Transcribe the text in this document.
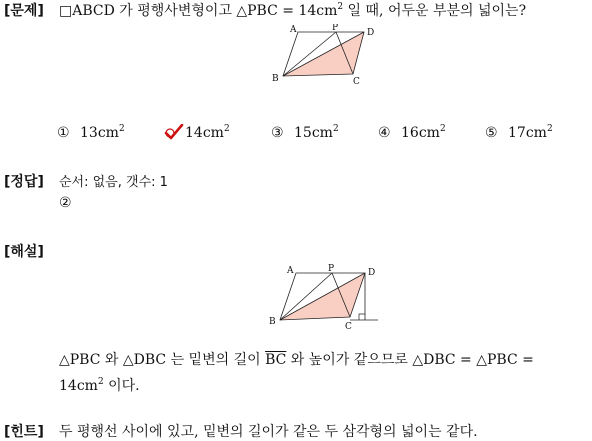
[문제] □ABCD 가 평행사변형이고 △PBC = $14cm^2$ 일 때, 어두운 부분의 넓이는?
A	P	D
B	C
① $13cm^2$	$14cm^2$	③ $15cm^2$	④ $16cm^2$	⑤ $17cm^2$
[정답] 순서: 없음, 갯수: 1
②
[해설]
A	P	D
B	C
△PBC 와 △DBC 는 밑변의 길이 $\overline{BC}$ 와 높이가 같으므로 △DBC = △PBC =
$14cm^2$ 이다.
[힌트] 두 평행선 사이에 있고, 밑변의 길이가 같은 두 삼각형의 넓이는 같다.
